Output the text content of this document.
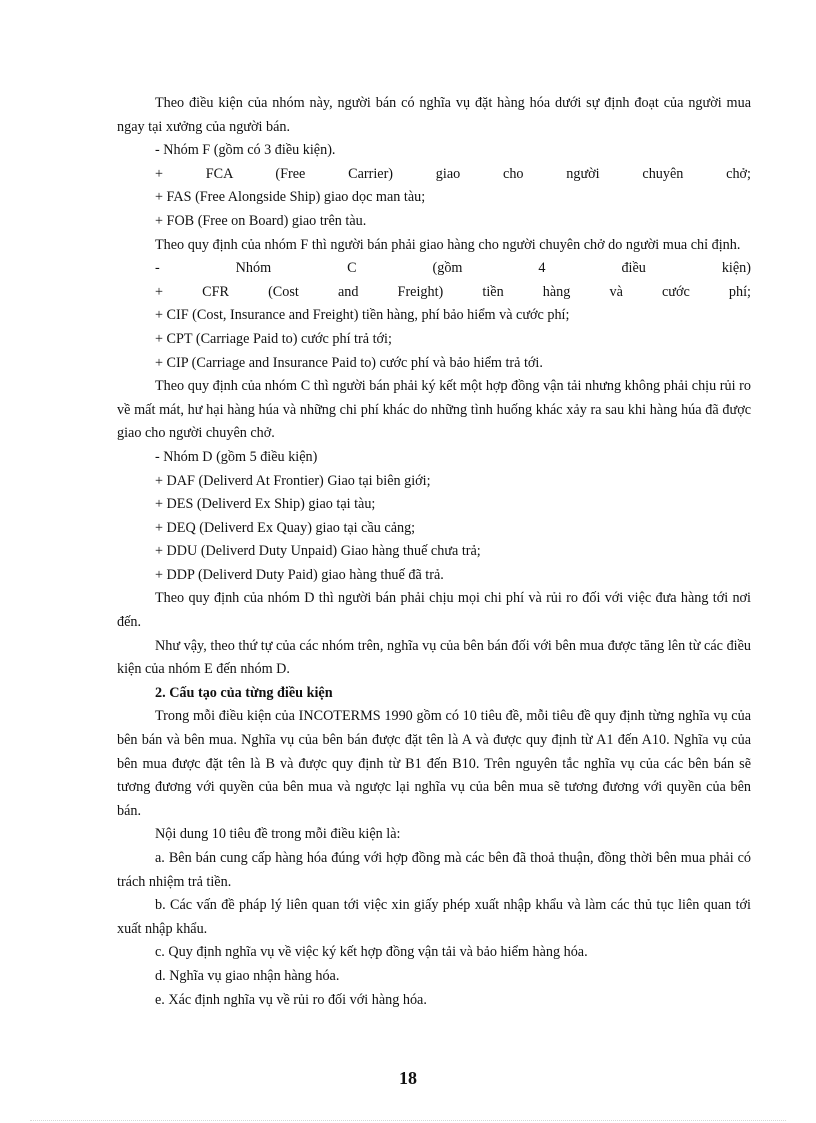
Theo điều kiện của nhóm này, người bán có nghĩa vụ đặt hàng hóa dưới sự định đoạt của người mua ngay tại xưởng của người bán.

- Nhóm F (gồm có 3 điều kiện).

+ FCA (Free Carrier) giao cho người chuyên chở;

+ FAS (Free Alongside Ship) giao dọc man tàu;

+ FOB (Free on Board) giao trên tàu.

Theo quy định của nhóm F thì người bán phải giao hàng cho người chuyên chở do người mua chỉ định.

- Nhóm C (gồm 4 điều kiện)

+ CFR (Cost and Freight) tiền hàng và cước phí;

+ CIF (Cost, Insurance and Freight) tiền hàng, phí bảo hiểm và cước phí;

+ CPT (Carriage Paid to) cước phí trả tới;

+ CIP (Carriage and Insurance Paid to) cước phí và bảo hiểm trả tới.

Theo quy định của nhóm C thì người bán phải ký kết một hợp đồng vận tải nhưng không phải chịu rủi ro về mất mát, hư hại hàng húa và những chi phí khác do những tình huống khác xảy ra sau khi hàng húa đã được giao cho người chuyên chở.

- Nhóm D (gồm 5 điều kiện)

+ DAF (Deliverd At Frontier) Giao tại biên giới;

+ DES (Deliverd Ex Ship) giao tại tàu;

+ DEQ (Deliverd Ex Quay) giao tại cầu cảng;

+ DDU (Deliverd Duty Unpaid) Giao hàng thuế chưa trả;

+ DDP (Deliverd Duty Paid) giao hàng thuế đã trả.

Theo quy định của nhóm D thì người bán phải chịu mọi chi phí và rủi ro đối với việc đưa hàng tới nơi đến.

Như vậy, theo thứ tự của các nhóm trên, nghĩa vụ của bên bán đối với bên mua được tăng lên từ các điều kiện của nhóm E đến nhóm D.

2. Cấu tạo của từng điều kiện

Trong mỗi điều kiện của INCOTERMS 1990 gồm có 10 tiêu đề, mỗi tiêu đề quy định từng nghĩa vụ của bên bán và bên mua. Nghĩa vụ của bên bán được đặt tên là A và được quy định từ A1 đến A10. Nghĩa vụ của bên mua được đặt tên là B và được quy định từ B1 đến B10. Trên nguyên tắc nghĩa vụ của các bên bán sẽ tương đương với quyền của bên mua và ngược lại nghĩa vụ của bên mua sẽ tương đương với quyền của bên bán.

Nội dung 10 tiêu đề trong mỗi điều kiện là:

a. Bên bán cung cấp hàng hóa đúng với hợp đồng mà các bên đã thoả thuận, đồng thời bên mua phải có trách nhiệm trả tiền.

b. Các vấn đề pháp lý liên quan tới việc xin giấy phép xuất nhập khẩu và làm các thủ tục liên quan tới xuất nhập khẩu.

c. Quy định nghĩa vụ về việc ký kết hợp đồng vận tải và bảo hiểm hàng hóa.

d. Nghĩa vụ giao nhận hàng hóa.

e. Xác định nghĩa vụ về rủi ro đối với hàng hóa.

18
